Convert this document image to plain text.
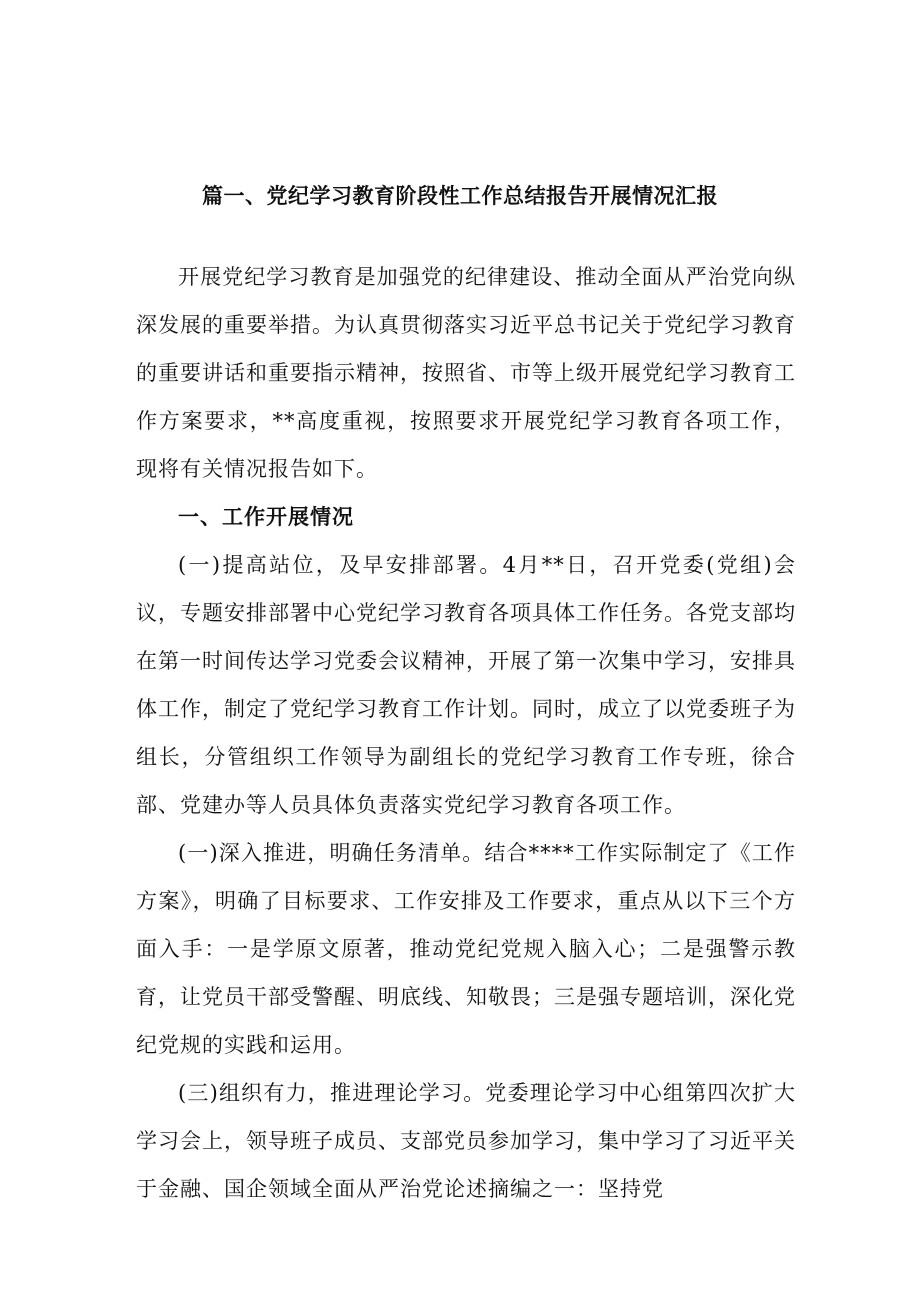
篇一、党纪学习教育阶段性工作总结报告开展情况汇报

开展党纪学习教育是加强党的纪律建设、推动全面从严治党向纵深发展的重要举措。为认真贯彻落实习近平总书记关于党纪学习教育的重要讲话和重要指示精神，按照省、市等上级开展党纪学习教育工作方案要求，**高度重视，按照要求开展党纪学习教育各项工作，现将有关情况报告如下。

一、工作开展情况

(一)提高站位，及早安排部署。4月**日，召开党委(党组)会议，专题安排部署中心党纪学习教育各项具体工作任务。各党支部均在第一时间传达学习党委会议精神，开展了第一次集中学习，安排具体工作，制定了党纪学习教育工作计划。同时，成立了以党委班子为组长，分管组织工作领导为副组长的党纪学习教育工作专班，徐合部、党建办等人员具体负责落实党纪学习教育各项工作。

(一)深入推进，明确任务清单。结合****工作实际制定了《工作方案》，明确了目标要求、工作安排及工作要求，重点从以下三个方面入手：一是学原文原著，推动党纪党规入脑入心；二是强警示教育，让党员干部受警醒、明底线、知敬畏；三是强专题培训，深化党纪党规的实践和运用。

(三)组织有力，推进理论学习。党委理论学习中心组第四次扩大学习会上，领导班子成员、支部党员参加学习，集中学习了习近平关于金融、国企领域全面从严治党论述摘编之一：坚持党
